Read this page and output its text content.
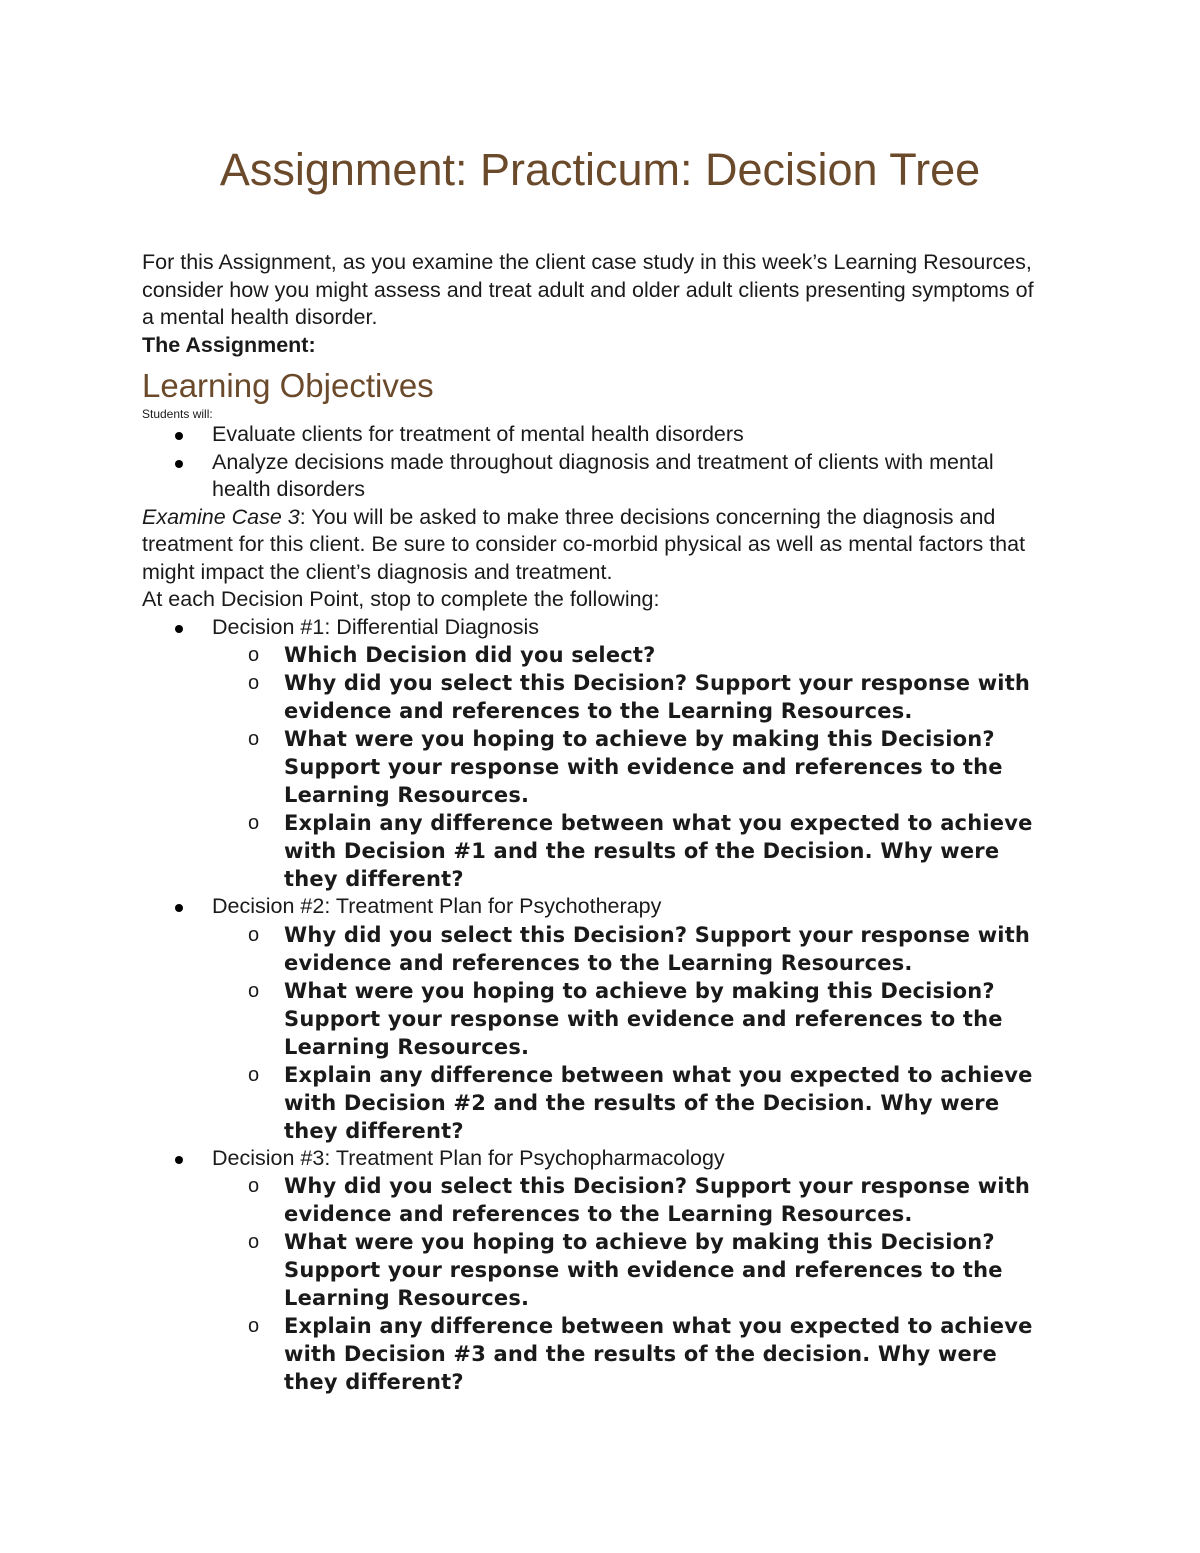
Assignment: Practicum: Decision Tree

For this Assignment, as you examine the client case study in this week’s Learning Resources, consider how you might assess and treat adult and older adult clients presenting symptoms of a mental health disorder.

The Assignment:

Learning Objectives

Students will:

Evaluate clients for treatment of mental health disorders
Analyze decisions made throughout diagnosis and treatment of clients with mental health disorders

Examine Case 3: You will be asked to make three decisions concerning the diagnosis and treatment for this client. Be sure to consider co-morbid physical as well as mental factors that might impact the client’s diagnosis and treatment.

At each Decision Point, stop to complete the following:

Decision #1: Differential Diagnosis
o Which Decision did you select?
o Why did you select this Decision? Support your response with evidence and references to the Learning Resources.
o What were you hoping to achieve by making this Decision? Support your response with evidence and references to the Learning Resources.
o Explain any difference between what you expected to achieve with Decision #1 and the results of the Decision. Why were they different?
Decision #2: Treatment Plan for Psychotherapy
o Why did you select this Decision? Support your response with evidence and references to the Learning Resources.
o What were you hoping to achieve by making this Decision? Support your response with evidence and references to the Learning Resources.
o Explain any difference between what you expected to achieve with Decision #2 and the results of the Decision. Why were they different?
Decision #3: Treatment Plan for Psychopharmacology
o Why did you select this Decision? Support your response with evidence and references to the Learning Resources.
o What were you hoping to achieve by making this Decision? Support your response with evidence and references to the Learning Resources.
o Explain any difference between what you expected to achieve with Decision #3 and the results of the decision. Why were they different?
